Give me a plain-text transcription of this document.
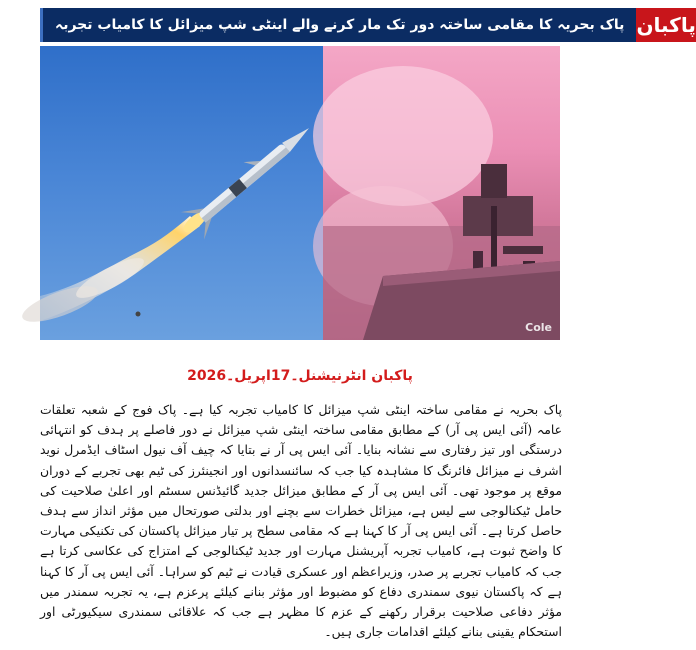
پاک بحریہ کا مقامی ساختہ دور تک مار کرنے والے اینٹی شپ میزائل کا کامیاب تجربہ پاکبان
Cole
پاکبان انٹرنیشنل۔17اپریل۔2026
پاک بحریہ نے مقامی ساختہ اینٹی شپ میزائل کا کامیاب تجربہ کیا ہے۔ پاک فوج کے شعبہ تعلقات عامہ (آئی ایس پی آر) کے مطابق مقامی ساختہ اینٹی شپ میزائل نے دور فاصلے پر ہدف کو انتہائی درستگی اور تیز رفتاری سے نشانہ بنایا۔ آئی ایس پی آر نے بتایا کہ چیف آف نیول اسٹاف ایڈمرل نوید اشرف نے میزائل فائرنگ کا مشاہدہ کیا جب کہ سائنسدانوں اور انجینئرز کی ٹیم بھی تجربے کے دوران موقع پر موجود تھی۔ آئی ایس پی آر کے مطابق میزائل جدید گائیڈنس سسٹم اور اعلیٰ صلاحیت کی حامل ٹیکنالوجی سے لیس ہے، میزائل خطرات سے بچنے اور بدلتی صورتحال میں مؤثر انداز سے ہدف حاصل کرتا ہے۔ آئی ایس پی آر کا کہنا ہے کہ مقامی سطح پر تیار میزائل پاکستان کی تکنیکی مہارت کا واضح ثبوت ہے، کامیاب تجربہ آپریشنل مہارت اور جدید ٹیکنالوجی کے امتزاج کی عکاسی کرتا ہے جب کہ کامیاب تجربے پر صدر، وزیراعظم اور عسکری قیادت نے ٹیم کو سراہا۔ آئی ایس پی آر کا کہنا ہے کہ پاکستان نیوی سمندری دفاع کو مضبوط اور مؤثر بنانے کیلئے پرعزم ہے، یہ تجربہ سمندر میں مؤثر دفاعی صلاحیت برقرار رکھنے کے عزم کا مظہر ہے جب کہ علاقائی سمندری سیکیورٹی اور استحکام یقینی بنانے کیلئے اقدامات جاری ہیں۔
